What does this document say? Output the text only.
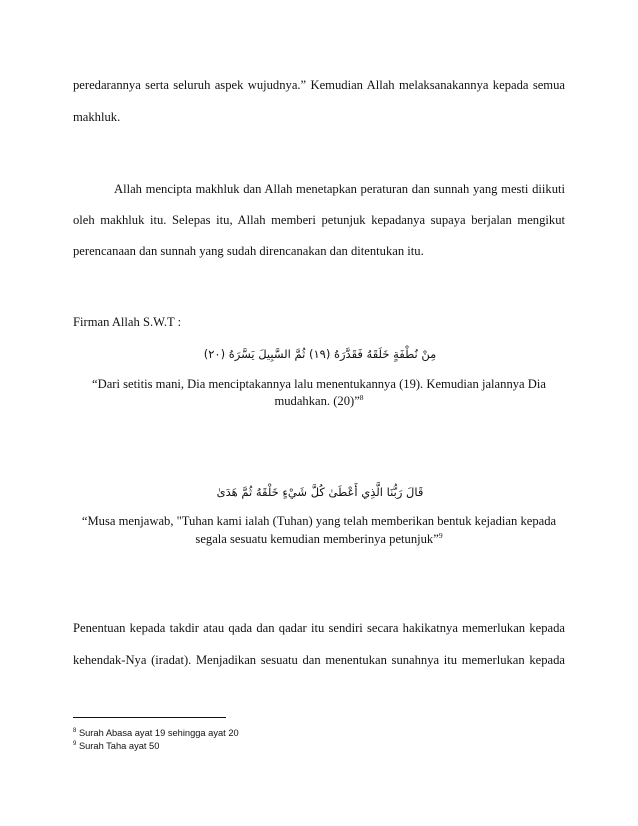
peredarannya serta seluruh aspek wujudnya.” Kemudian Allah melaksanakannya kepada semua
makhluk.
Allah mencipta makhluk dan Allah menetapkan peraturan dan sunnah yang mesti diikuti
oleh makhluk itu. Selepas itu, Allah memberi petunjuk kepadanya supaya berjalan mengikut
perencanaan dan sunnah yang sudah direncanakan dan ditentukan itu.
Firman Allah S.W.T :
مِنْ نُطْفَةٍ خَلَقَهُ فَقَدَّرَهُ (١٩) ثُمَّ السَّبِيلَ يَسَّرَهُ (٢٠)
“Dari setitis mani, Dia menciptakannya lalu menentukannya (19). Kemudian jalannya Dia
mudahkan. (20)”$^8$
قَالَ رَبُّنَا الَّذِي أَعْطَىٰ كُلَّ شَيْءٍ خَلْقَهُ ثُمَّ هَدَىٰ
“Musa menjawab, "Tuhan kami ialah (Tuhan) yang telah memberikan bentuk kejadian kepada
segala sesuatu kemudian memberinya petunjuk”$^9$
Penentuan kepada takdir atau qada dan qadar itu sendiri secara hakikatnya memerlukan kepada
kehendak-Nya (iradat). Menjadikan sesuatu dan menentukan sunahnya itu memerlukan kepada
$^8$ Surah Abasa ayat 19 sehingga ayat 20
$^9$ Surah Taha ayat 50
